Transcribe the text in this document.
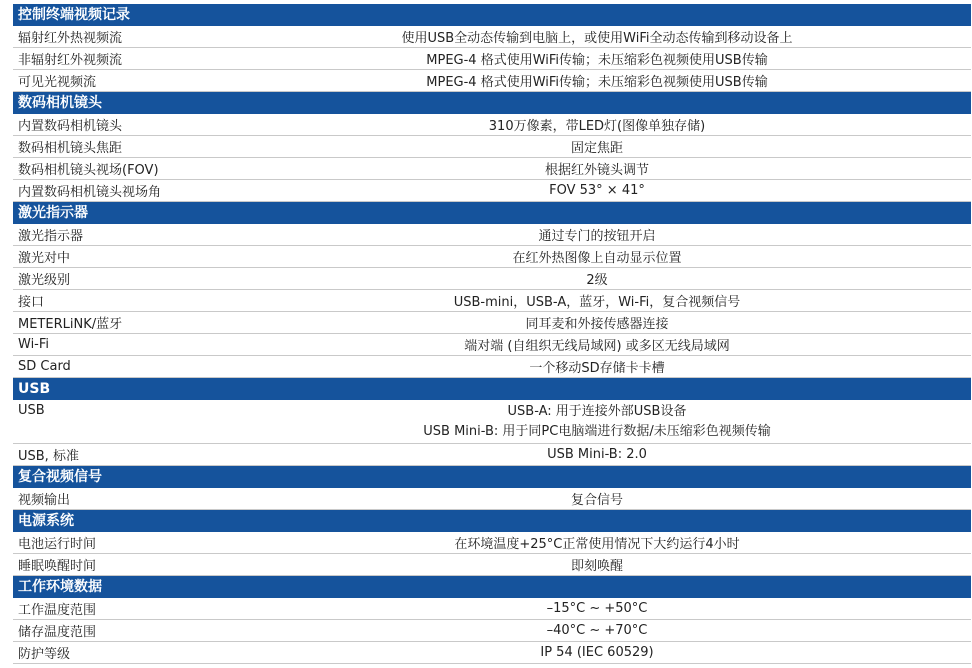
控制终端视频记录
辐射红外热视频流	使用USB全动态传输到电脑上，或使用WiFi全动态传输到移动设备上
非辐射红外视频流	MPEG-4 格式使用WiFi传输；未压缩彩色视频使用USB传输
可见光视频流	MPEG-4 格式使用WiFi传输；未压缩彩色视频使用USB传输
数码相机镜头
内置数码相机镜头	310万像素，带LED灯(图像单独存储)
数码相机镜头焦距	固定焦距
数码相机镜头视场(FOV)	根据红外镜头调节
内置数码相机镜头视场角	FOV 53° × 41°
激光指示器
激光指示器	通过专门的按钮开启
激光对中	在红外热图像上自动显示位置
激光级别	2级
接口	USB-mini，USB-A，蓝牙，Wi-Fi，复合视频信号
METERLiNK/蓝牙	同耳麦和外接传感器连接
Wi-Fi	端对端 (自组织无线局域网) 或多区无线局域网
SD Card	一个移动SD存储卡卡槽
USB
USB	USB-A: 用于连接外部USB设备
USB Mini-B: 用于同PC电脑端进行数据/未压缩彩色视频传输
USB, 标准	USB Mini-B: 2.0
复合视频信号
视频输出	复合信号
电源系统
电池运行时间	在环境温度+25°C正常使用情况下大约运行4小时
睡眠唤醒时间	即刻唤醒
工作环境数据
工作温度范围	–15°C ~ +50°C
储存温度范围	–40°C ~ +70°C
防护等级	IP 54 (IEC 60529)
